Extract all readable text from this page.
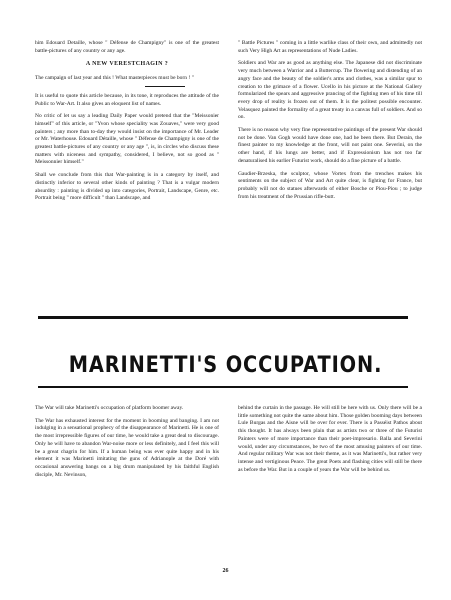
him Edouard Detaille, whose " Défense de Champigny" is one of the greatest battle-pictures of any country or any age.

A NEW VERESTCHAGIN ?

The campaign of last year and this ! What masterpieces must be born ! "

It is useful to quote this article because, in its tone, it reproduces the attitude of the Public to War-Art. It also gives an eloquent list of names.

No critic of let us say a leading Daily Paper would pretend that the "Meissonier himself" of this article, or "Yvon whose speciality was Zouaves," were very good painters ; any more than to-day they would insist on the importance of Mr. Leader or Mr. Waterhouse. Edouard Détaille, whose " Défense de Champigny is one of the greatest battle-pictures of any country or any age ", is, in circles who discuss these matters with niceness and sympathy, considered, I believe, not so good as " Meissonnier himself."

Shall we conclude from this that War-painting is in a category by itself, and distinctly inferior to several other kinds of painting ? That is a vulgar modern absurdity : painting is divided up into categories, Portrait, Landscape, Genre, etc. Portrait being " more difficult " than Landscape, and

" Battle Pictures " coming in a little warlike class of their own, and admittedly not such Very High Art as representations of Nude Ladies.

Soldiers and War are as good as anything else. The Japanese did not discriminate very much between a Warrior and a Buttercup. The flowering and distending of an angry face and the beauty of the soldier's arms and clothes, was a similar spur to creation to the grimace of a flower. Ucello in his picture at the National Gallery formularized the spears and aggressive prancing of the fighting men of his time till every drop of reality is frozen out of them. It is the politest possible encounter. Velasquez painted the formality of a great treaty in a canvas full of soldiers. And so on.

There is no reason why very fine representative paintings of the present War should not be done. Van Gogh would have done one, had he been there. But Derain, the finest painter to my knowledge at the front, will not paint one. Severini, on the other hand, if his lungs are better, and if Expressionism has not too far denaturalised his earlier Futurist work, should do a fine picture of a battle.

Gaudier-Brzeska, the sculptor, whose Vortex from the trenches makes his sentiments on the subject of War and Art quite clear, is fighting for France, but probably will not do statues afterwards of either Bosche or Piou-Piou ; to judge from his treatment of the Prussian rifle-butt.

MARINETTI'S OCCUPATION.

The War will take Marinetti's occupation of platform boomer away.

The War has exhausted interest for the moment in booming and banging. I am not indulging in a sensational prophecy of the disappearance of Marinetti. He is one of the most irrepressible figures of our time, he would take a great deal to discourage. Only he will have to abandon War-noise more or less definitely, and I feel this will be a great chagrin for him. If a human being was ever quite happy and in his element it was Marinetti imitating the guns of Adrianople at the Doré with occasional answering bangs on a big drum manipulated by his faithful English disciple, Mr. Nevinson,

behind the curtain in the passage. He will still be here with us. Only there will be a little something not quite the same about him. Those golden booming days between Lule Burgas and the Aisne will be over for ever. There is a Passéist Pathos about this thought. It has always been plain that as artists two or three of the Futurist Painters were of more importance than their poet-impresario. Balla and Severini would, under any circumstances, be two of the most amusing painters of our time. And regular military War was not their theme, as it was Marinetti's, but rather very intense and vertiginous Peace. The great Poets and flashing cities will still be there as before the War. But in a couple of years the War will be behind us.

26
